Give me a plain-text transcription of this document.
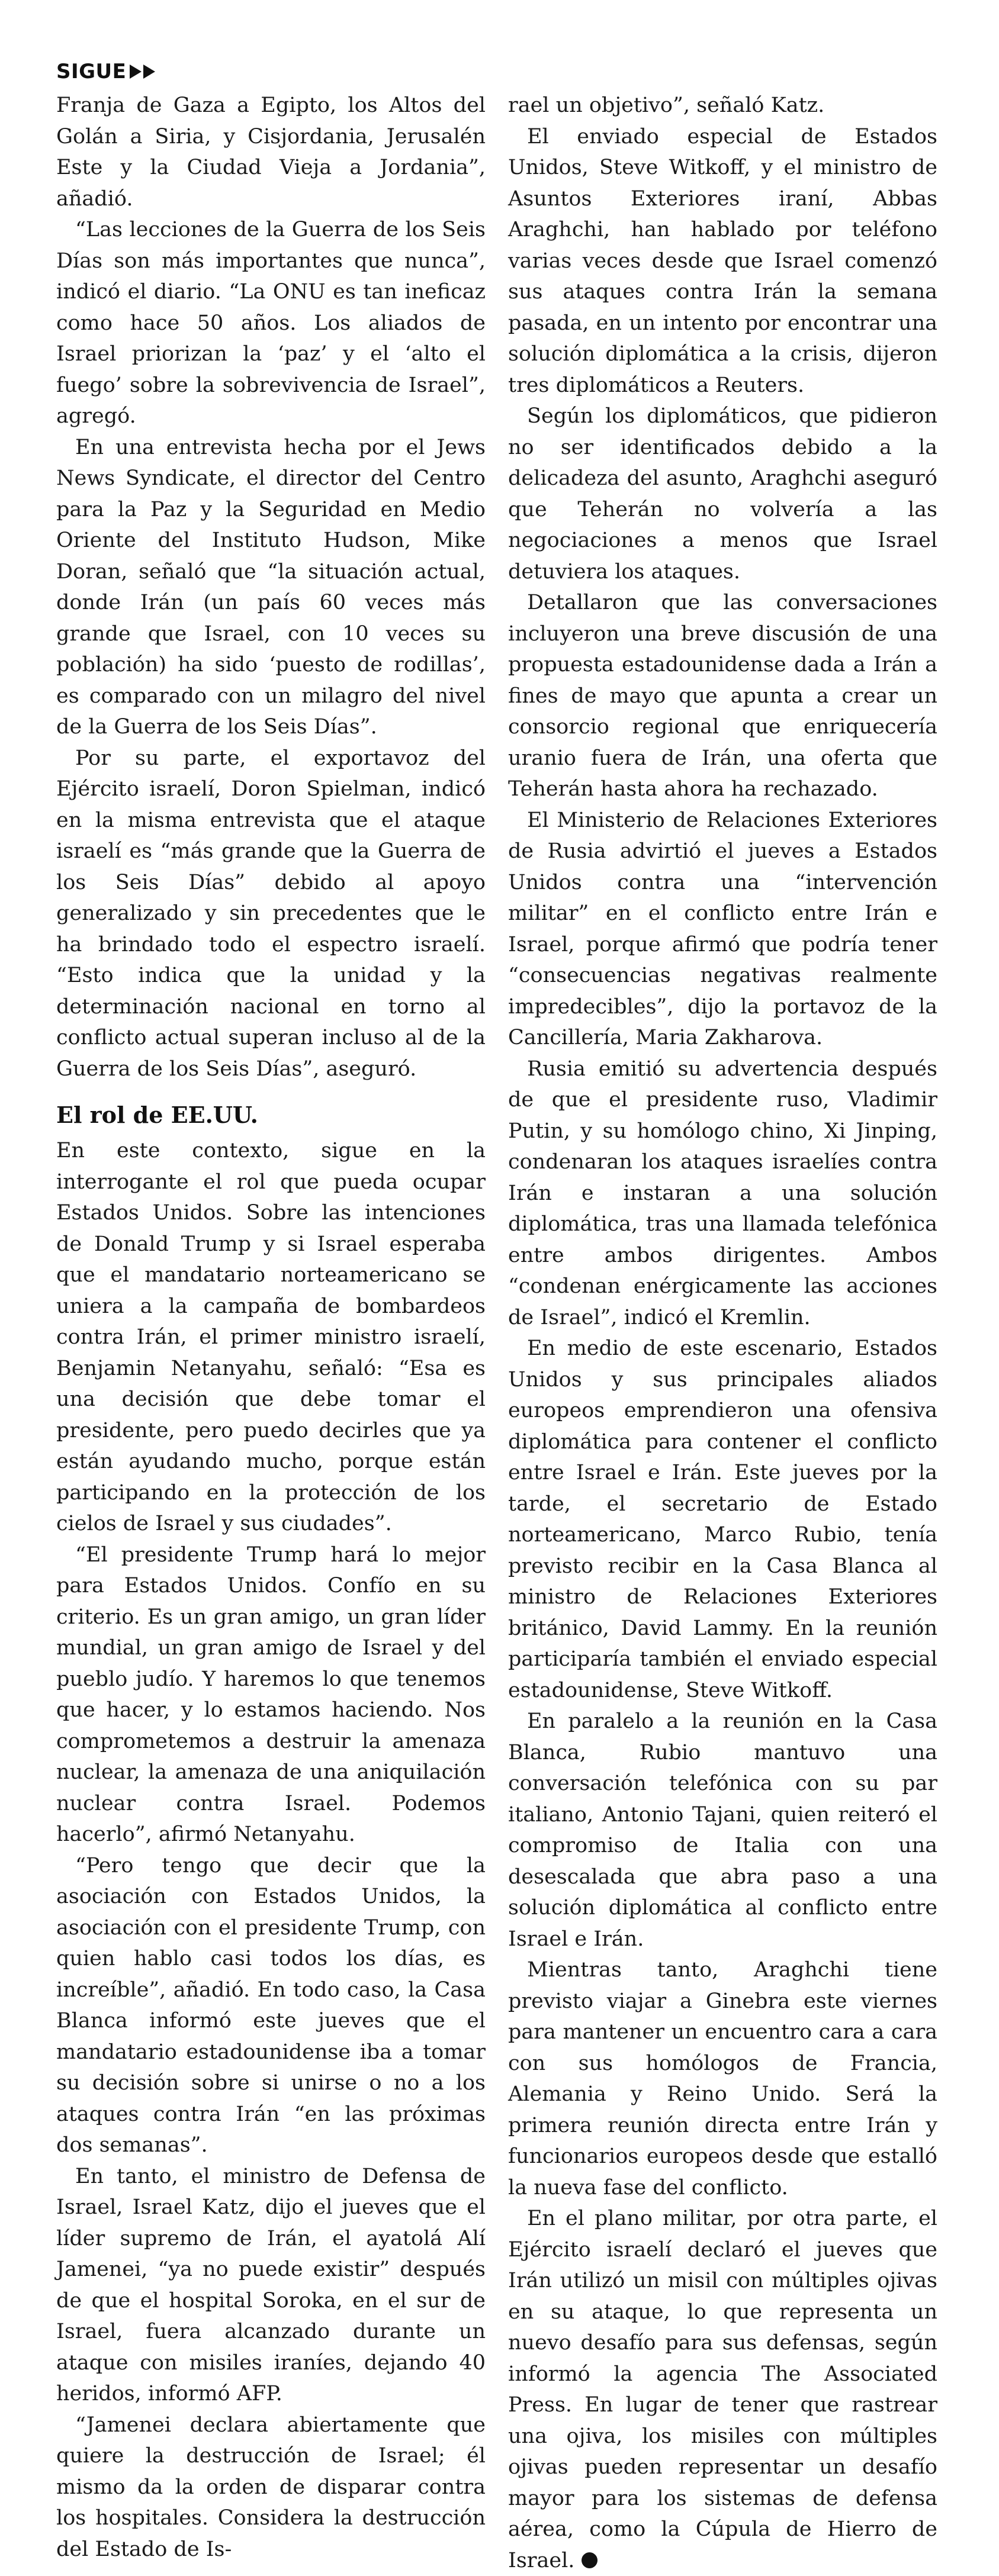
SIGUE

Franja de Gaza a Egipto, los Altos del Golán a Siria, y Cisjordania, Jerusalén Este y la Ciudad Vieja a Jordania”, añadió.

“Las lecciones de la Guerra de los Seis Días son más importantes que nunca”, indicó el diario. “La ONU es tan ineficaz como hace 50 años. Los aliados de Israel priorizan la ‘paz’ y el ‘alto el fuego’ sobre la sobrevivencia de Israel”, agregó.

En una entrevista hecha por el Jews News Syndicate, el director del Centro para la Paz y la Seguridad en Medio Oriente del Instituto Hudson, Mike Doran, señaló que “la situación actual, donde Irán (un país 60 veces más grande que Israel, con 10 veces su población) ha sido ‘puesto de rodillas’, es comparado con un milagro del nivel de la Guerra de los Seis Días”.

Por su parte, el exportavoz del Ejército israelí, Doron Spielman, indicó en la misma entrevista que el ataque israelí es “más grande que la Guerra de los Seis Días” debido al apoyo generalizado y sin precedentes que le ha brindado todo el espectro israelí. “Esto indica que la unidad y la determinación nacional en torno al conflicto actual superan incluso al de la Guerra de los Seis Días”, aseguró.

El rol de EE.UU.

En este contexto, sigue en la interrogante el rol que pueda ocupar Estados Unidos. Sobre las intenciones de Donald Trump y si Israel esperaba que el mandatario norteamericano se uniera a la campaña de bombardeos contra Irán, el primer ministro israelí, Benjamin Netanyahu, señaló: “Esa es una decisión que debe tomar el presidente, pero puedo decirles que ya están ayudando mucho, porque están participando en la protección de los cielos de Israel y sus ciudades”.

“El presidente Trump hará lo mejor para Estados Unidos. Confío en su criterio. Es un gran amigo, un gran líder mundial, un gran amigo de Israel y del pueblo judío. Y haremos lo que tenemos que hacer, y lo estamos haciendo. Nos comprometemos a destruir la amenaza nuclear, la amenaza de una aniquilación nuclear contra Israel. Podemos hacerlo”, afirmó Netanyahu.

“Pero tengo que decir que la asociación con Estados Unidos, la asociación con el presidente Trump, con quien hablo casi todos los días, es increíble”, añadió. En todo caso, la Casa Blanca informó este jueves que el mandatario estadounidense iba a tomar su decisión sobre si unirse o no a los ataques contra Irán “en las próximas dos semanas”.

En tanto, el ministro de Defensa de Israel, Israel Katz, dijo el jueves que el líder supremo de Irán, el ayatolá Alí Jamenei, “ya no puede existir” después de que el hospital Soroka, en el sur de Israel, fuera alcanzado durante un ataque con misiles iraníes, dejando 40 heridos, informó AFP.

“Jamenei declara abiertamente que quiere la destrucción de Israel; él mismo da la orden de disparar contra los hospitales. Considera la destrucción del Estado de Is-

rael un objetivo”, señaló Katz.

El enviado especial de Estados Unidos, Steve Witkoff, y el ministro de Asuntos Exteriores iraní, Abbas Araghchi, han hablado por teléfono varias veces desde que Israel comenzó sus ataques contra Irán la semana pasada, en un intento por encontrar una solución diplomática a la crisis, dijeron tres diplomáticos a Reuters.

Según los diplomáticos, que pidieron no ser identificados debido a la delicadeza del asunto, Araghchi aseguró que Teherán no volvería a las negociaciones a menos que Israel detuviera los ataques.

Detallaron que las conversaciones incluyeron una breve discusión de una propuesta estadounidense dada a Irán a fines de mayo que apunta a crear un consorcio regional que enriquecería uranio fuera de Irán, una oferta que Teherán hasta ahora ha rechazado.

El Ministerio de Relaciones Exteriores de Rusia advirtió el jueves a Estados Unidos contra una “intervención militar” en el conflicto entre Irán e Israel, porque afirmó que podría tener “consecuencias negativas realmente impredecibles”, dijo la portavoz de la Cancillería, Maria Zakharova.

Rusia emitió su advertencia después de que el presidente ruso, Vladimir Putin, y su homólogo chino, Xi Jinping, condenaran los ataques israelíes contra Irán e instaran a una solución diplomática, tras una llamada telefónica entre ambos dirigentes. Ambos “condenan enérgicamente las acciones de Israel”, indicó el Kremlin.

En medio de este escenario, Estados Unidos y sus principales aliados europeos emprendieron una ofensiva diplomática para contener el conflicto entre Israel e Irán. Este jueves por la tarde, el secretario de Estado norteamericano, Marco Rubio, tenía previsto recibir en la Casa Blanca al ministro de Relaciones Exteriores británico, David Lammy. En la reunión participaría también el enviado especial estadounidense, Steve Witkoff.

En paralelo a la reunión en la Casa Blanca, Rubio mantuvo una conversación telefónica con su par italiano, Antonio Tajani, quien reiteró el compromiso de Italia con una desescalada que abra paso a una solución diplomática al conflicto entre Israel e Irán.

Mientras tanto, Araghchi tiene previsto viajar a Ginebra este viernes para mantener un encuentro cara a cara con sus homólogos de Francia, Alemania y Reino Unido. Será la primera reunión directa entre Irán y funcionarios europeos desde que estalló la nueva fase del conflicto.

En el plano militar, por otra parte, el Ejército israelí declaró el jueves que Irán utilizó un misil con múltiples ojivas en su ataque, lo que representa un nuevo desafío para sus defensas, según informó la agencia The Associated Press. En lugar de tener que rastrear una ojiva, los misiles con múltiples ojivas pueden representar un desafío mayor para los sistemas de defensa aérea, como la Cúpula de Hierro de Israel.
